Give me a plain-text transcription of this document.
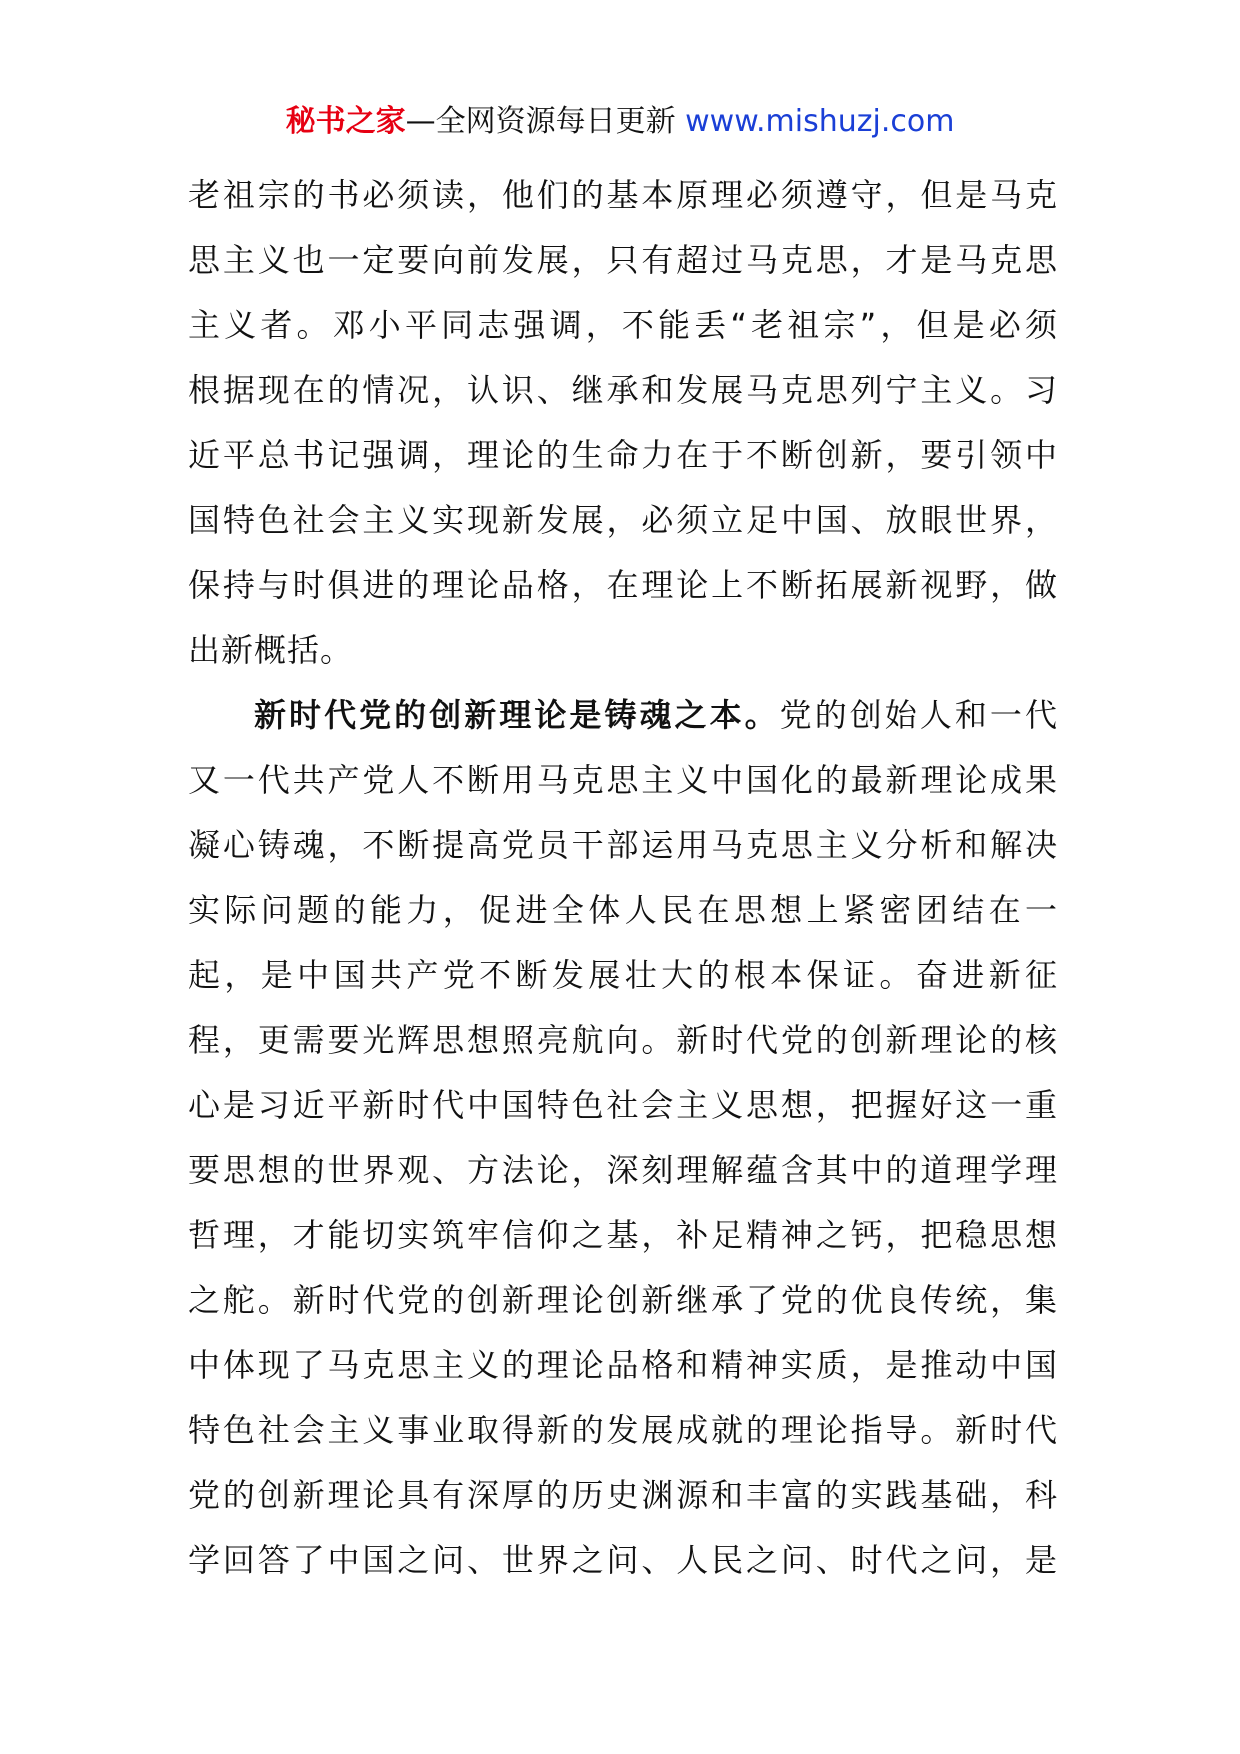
秘书之家—全网资源每日更新 www.mishuzj.com
老祖宗的书必须读，他们的基本原理必须遵守，但是马克
思主义也一定要向前发展，只有超过马克思，才是马克思
主义者。邓小平同志强调，不能丢“老祖宗”，但是必须
根据现在的情况，认识、继承和发展马克思列宁主义。习
近平总书记强调，理论的生命力在于不断创新，要引领中
国特色社会主义实现新发展，必须立足中国、放眼世界，
保持与时俱进的理论品格，在理论上不断拓展新视野，做
出新概括。
新时代党的创新理论是铸魂之本。党的创始人和一代
又一代共产党人不断用马克思主义中国化的最新理论成果
凝心铸魂，不断提高党员干部运用马克思主义分析和解决
实际问题的能力，促进全体人民在思想上紧密团结在一
起，是中国共产党不断发展壮大的根本保证。奋进新征
程，更需要光辉思想照亮航向。新时代党的创新理论的核
心是习近平新时代中国特色社会主义思想，把握好这一重
要思想的世界观、方法论，深刻理解蕴含其中的道理学理
哲理，才能切实筑牢信仰之基，补足精神之钙，把稳思想
之舵。新时代党的创新理论创新继承了党的优良传统，集
中体现了马克思主义的理论品格和精神实质，是推动中国
特色社会主义事业取得新的发展成就的理论指导。新时代
党的创新理论具有深厚的历史渊源和丰富的实践基础，科
学回答了中国之问、世界之问、人民之问、时代之问，是
